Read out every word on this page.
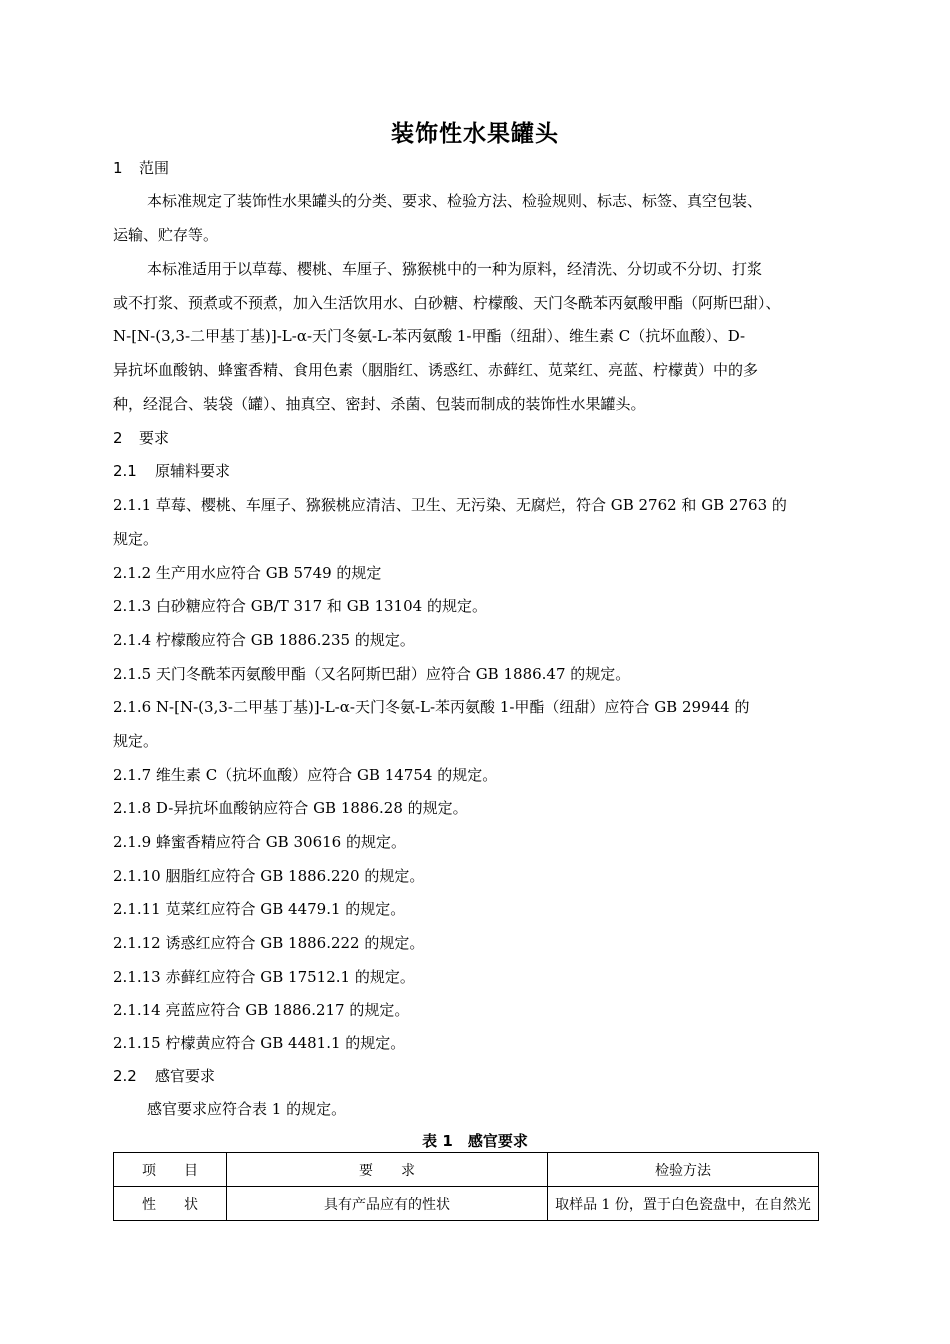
装饰性水果罐头
1 范围
本标准规定了装饰性水果罐头的分类、要求、检验方法、检验规则、标志、标签、真空包装、
运输、贮存等。
本标准适用于以草莓、樱桃、车厘子、猕猴桃中的一种为原料，经清洗、分切或不分切、打浆
或不打浆、预煮或不预煮，加入生活饮用水、白砂糖、柠檬酸、天门冬酰苯丙氨酸甲酯（阿斯巴甜）、
N-[N-(3,3-二甲基丁基)]-L-α-天门冬氨-L-苯丙氨酸 1-甲酯（纽甜）、维生素 C（抗坏血酸）、D-
异抗坏血酸钠、蜂蜜香精、食用色素（胭脂红、诱惑红、赤藓红、苋菜红、亮蓝、柠檬黄）中的多
种，经混合、装袋（罐）、抽真空、密封、杀菌、包装而制成的装饰性水果罐头。
2 要求
2.1 原辅料要求
2.1.1 草莓、樱桃、车厘子、猕猴桃应清洁、卫生、无污染、无腐烂，符合 GB 2762 和 GB 2763 的
规定。
2.1.2 生产用水应符合 GB 5749 的规定
2.1.3 白砂糖应符合 GB/T 317 和 GB 13104 的规定。
2.1.4 柠檬酸应符合 GB 1886.235 的规定。
2.1.5 天门冬酰苯丙氨酸甲酯（又名阿斯巴甜）应符合 GB 1886.47 的规定。
2.1.6 N-[N-(3,3-二甲基丁基)]-L-α-天门冬氨-L-苯丙氨酸 1-甲酯（纽甜）应符合 GB 29944 的
规定。
2.1.7 维生素 C（抗坏血酸）应符合 GB 14754 的规定。
2.1.8 D-异抗坏血酸钠应符合 GB 1886.28 的规定。
2.1.9 蜂蜜香精应符合 GB 30616 的规定。
2.1.10 胭脂红应符合 GB 1886.220 的规定。
2.1.11 苋菜红应符合 GB 4479.1 的规定。
2.1.12 诱惑红应符合 GB 1886.222 的规定。
2.1.13 赤藓红应符合 GB 17512.1 的规定。
2.1.14 亮蓝应符合 GB 1886.217 的规定。
2.1.15 柠檬黄应符合 GB 4481.1 的规定。
2.2 感官要求
感官要求应符合表 1 的规定。
表 1　感官要求
项　　目	要　　求	检验方法
性　　状	具有产品应有的性状	取样品 1 份，置于白色瓷盘中，在自然光
